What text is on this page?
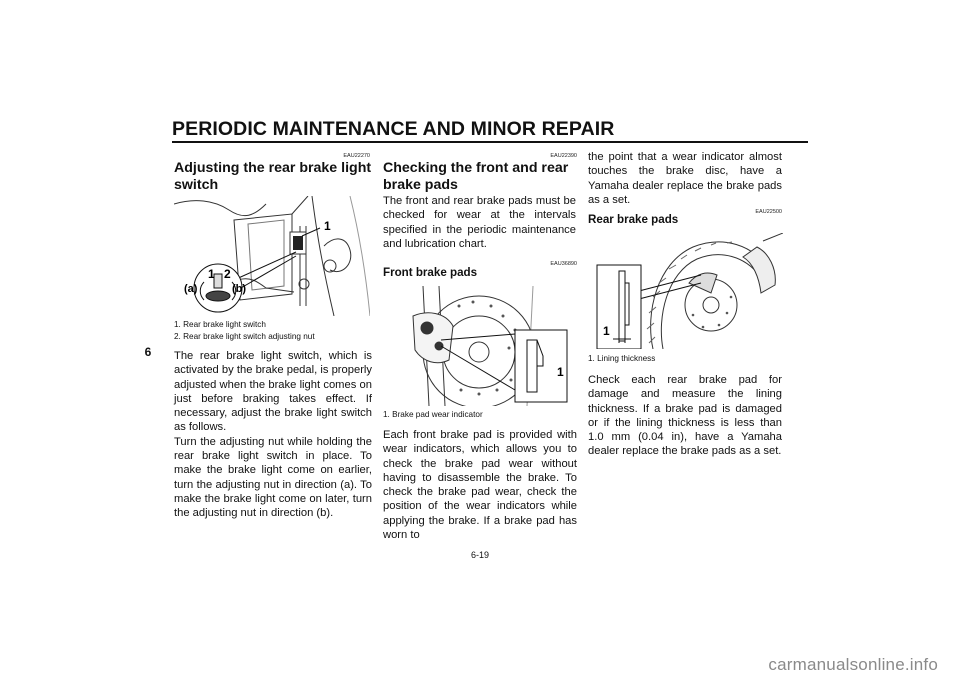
PERIODIC MAINTENANCE AND MINOR REPAIR
6
EAU22270
Adjusting the rear brake light switch
1
1 2
(a)	(b)
1. Rear brake light switch
2. Rear brake light switch adjusting nut

The rear brake light switch, which is activated by the brake pedal, is properly adjusted when the brake light comes on just before braking takes effect. If necessary, adjust the brake light switch as follows.

Turn the adjusting nut while holding the rear brake light switch in place. To make the brake light come on earlier, turn the adjusting nut in direction (a). To make the brake light come on later, turn the adjusting nut in direction (b).

EAU22390
Checking the front and rear brake pads
The front and rear brake pads must be checked for wear at the intervals specified in the periodic maintenance and lubrication chart.
EAU36890
Front brake pads
1
1. Brake pad wear indicator
Each front brake pad is provided with wear indicators, which allows you to check the brake pad wear without having to disassemble the brake. To check the brake pad wear, check the position of the wear indicators while applying the brake. If a brake pad has worn to
the point that a wear indicator almost touches the brake disc, have a Yamaha dealer replace the brake pads as a set.
EAU22500
Rear brake pads
1
1. Lining thickness
Check each rear brake pad for damage and measure the lining thickness. If a brake pad is damaged or if the lining thickness is less than 1.0 mm (0.04 in), have a Yamaha dealer replace the brake pads as a set.
6-19
carmanualsonline.info
